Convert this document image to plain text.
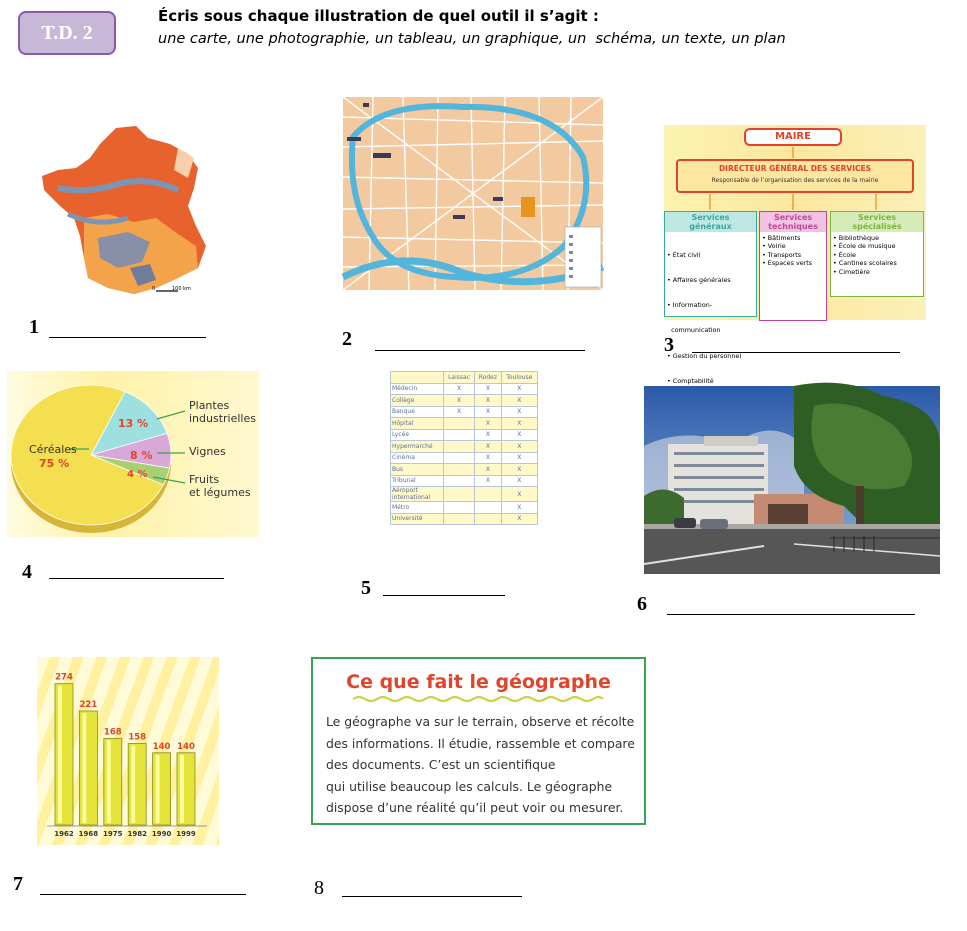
T.D. 2
Écris sous chaque illustration de quel outil il s’agit :
une carte, une photographie, un tableau, un graphique, un  schéma, un texte, un plan
0	100 km
1
2
MAIRE
DIRECTEUR GÉNÉRAL DES SERVICES
Responsable de l’organisation des services de la mairie
Services
généraux

• État civil

• Affaires générales

• Information-

communication

• Gestion du personnel

• Comptabilité

Services
techniques
• Bâtiments
• Voirie
• Transports
• Espaces verts
Services
spécialisés
• Bibliothèque
• École de musique
• École
• Cantines scolaires
• Cimetière
3
Céréales
75 %
13 %
8 %
4 %
Plantes
industrielles
Vignes
Fruits
et légumes
4
	Laissac	Rodez	Toulouse
Médecin	X	X	X
Collège	X	X	X
Banque	X	X	X
Hôpital		X	X
Lycée		X	X
Hypermarché		X	X
Cinéma		X	X
Bus		X	X
Tribunal		X	X
Aéroport international			X
Métro			X
Université			X
5
6
274
1962
221
1968
168
1975
158
1982
140
1990
140
1999
7
Ce que fait le géographe
Le géographe va sur le terrain, observe et récolte
des informations. Il étudie, rassemble et compare
des documents. C’est un scientifique
qui utilise beaucoup les calculs. Le géographe
dispose d’une réalité qu’il peut voir ou mesurer.
8
